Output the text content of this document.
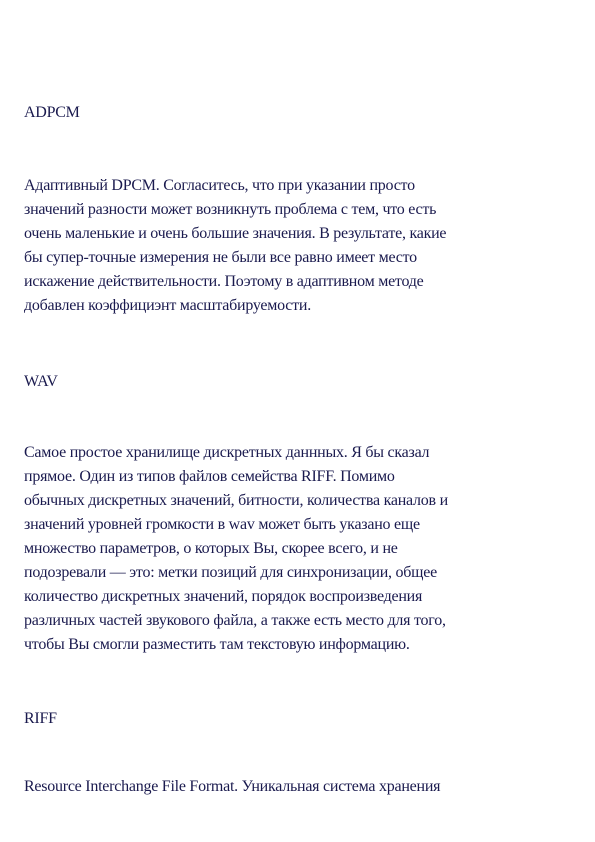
ADPCM
Адаптивный DPCM. Согласитесь, что при указании просто
значений разности может возникнуть проблема с тем, что есть
очень маленькие и очень большие значения. В результате, какие
бы супер-точные измерения не были все равно имеет место
искажение действительности. Поэтому в адаптивном методе
добавлен коэффициэнт масштабируемости.
WAV
Самое простое хранилище дискретных даннных. Я бы сказал
прямое. Один из типов файлов семейства RIFF. Помимо
обычных дискретных значений, битности, количества каналов и
значений уровней громкости в wav может быть указано еще
множество параметров, о которых Вы, скорее всего, и не
подозревали — это: метки позиций для синхронизации, общее
количество дискретных значений, порядок воспроизведения
различных частей звукового файла, а также есть место для того,
чтобы Вы смогли разместить там текстовую информацию.
RIFF
Resource Interchange File Format. Уникальная система хранения
